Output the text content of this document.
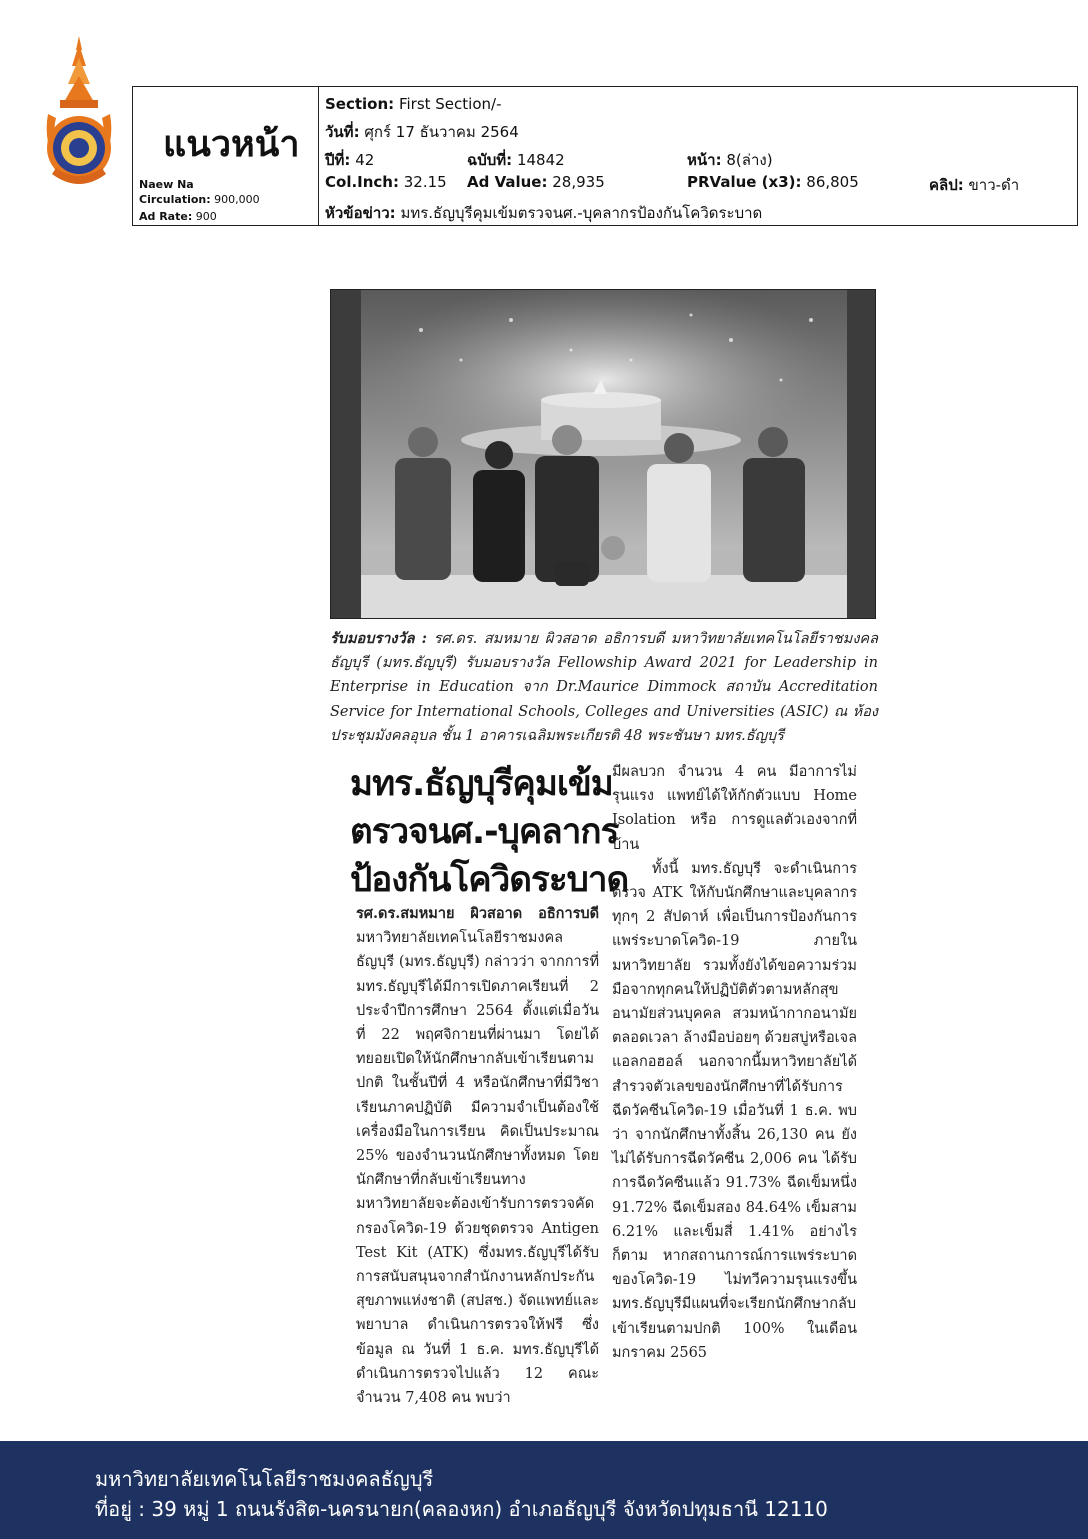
แนวหน้า
Naew Na
Circulation: 900,000
Ad Rate: 900
Section: First Section/-
วันที่: ศุกร์ 17 ธันวาคม 2564
ปีที่: 42	ฉบับที่: 14842	หน้า: 8(ล่าง)
Col.Inch: 32.15 Ad Value: 28,935	PRValue (x3): 86,805	คลิป: ขาว-ดำ
หัวข้อข่าว: มทร.ธัญบุรีคุมเข้มตรวจนศ.-บุคลากรป้องกันโควิดระบาด
รับมอบรางวัล : รศ.ดร. สมหมาย ผิวสอาด อธิการบดี มหาวิทยาลัยเทคโนโลยีราชมงคลธัญบุรี (มทร.ธัญบุรี) รับมอบรางวัล Fellowship Award 2021 for Leadership in Enterprise in Education จาก Dr.Maurice Dimmock สถาบัน Accreditation Service for International Schools, Colleges and Universities (ASIC) ณ ห้องประชุมมังคลอุบล ชั้น 1 อาคารเฉลิมพระเกียรติ 48 พระชันษา มทร.ธัญบุรี
มทร.ธัญบุรีคุมเข้ม
ตรวจนศ.-บุคลากร
ป้องกันโควิดระบาด
รศ.ดร.สมหมาย ผิวสอาด อธิการบดี มหาวิทยาลัยเทคโนโลยีราชมงคลธัญบุรี (มทร.ธัญบุรี) กล่าวว่า จากการที่มทร.ธัญบุรีได้มีการเปิดภาคเรียนที่ 2 ประจำปีการศึกษา 2564 ตั้งแต่เมื่อวันที่ 22 พฤศจิกายนที่ผ่านมา โดยได้ทยอยเปิดให้นักศึกษากลับเข้าเรียนตามปกติ ในชั้นปีที่ 4 หรือนักศึกษาที่มีวิชาเรียนภาคปฏิบัติ มีความจำเป็นต้องใช้เครื่องมือในการเรียน คิดเป็นประมาณ 25% ของจำนวนนักศึกษาทั้งหมด โดยนักศึกษาที่กลับเข้าเรียนทางมหาวิทยาลัยจะต้องเข้ารับการตรวจคัดกรองโควิด-19 ด้วยชุดตรวจ Antigen Test Kit (ATK) ซึ่งมทร.ธัญบุรีได้รับการสนับสนุนจากสำนักงานหลักประกันสุขภาพแห่งชาติ (สปสช.) จัดแพทย์และพยาบาล ดำเนินการตรวจให้ฟรี ซึ่งข้อมูล ณ วันที่ 1 ธ.ค. มทร.ธัญบุรีได้ดำเนินการตรวจไปแล้ว 12 คณะ จำนวน 7,408 คน พบว่า
มีผลบวก จำนวน 4 คน มีอาการไม่รุนแรง แพทย์ได้ให้กักตัวแบบ Home Isolation หรือ การดูแลตัวเองจากที่บ้าน
ทั้งนี้ มทร.ธัญบุรี จะดำเนินการตรวจ ATK ให้กับนักศึกษาและบุคลากร ทุกๆ 2 สัปดาห์ เพื่อเป็นการป้องกันการแพร่ระบาดโควิด-19 ภายในมหาวิทยาลัย รวมทั้งยังได้ขอความร่วมมือจากทุกคนให้ปฏิบัติตัวตามหลักสุขอนามัยส่วนบุคคล สวมหน้ากากอนามัยตลอดเวลา ล้างมือบ่อยๆ ด้วยสบู่หรือเจลแอลกอฮอล์ นอกจากนี้มหาวิทยาลัยได้สำรวจตัวเลขของนักศึกษาที่ได้รับการฉีดวัคซีนโควิด-19 เมื่อวันที่ 1 ธ.ค. พบว่า จากนักศึกษาทั้งสิ้น 26,130 คน ยังไม่ได้รับการฉีดวัคซีน 2,006 คน ได้รับการฉีดวัคซีนแล้ว 91.73% ฉีดเข็มหนึ่ง 91.72% ฉีดเข็มสอง 84.64% เข็มสาม 6.21% และเข็มสี่ 1.41% อย่างไรก็ตาม หากสถานการณ์การแพร่ระบาดของโควิด-19 ไม่ทวีความรุนแรงขึ้น มทร.ธัญบุรีมีแผนที่จะเรียกนักศึกษากลับเข้าเรียนตามปกติ 100% ในเดือนมกราคม 2565
มหาวิทยาลัยเทคโนโลยีราชมงคลธัญบุรี
ที่อยู่ : 39 หมู่ 1 ถนนรังสิต-นครนายก(คลองหก) อำเภอธัญบุรี จังหวัดปทุมธานี 12110
